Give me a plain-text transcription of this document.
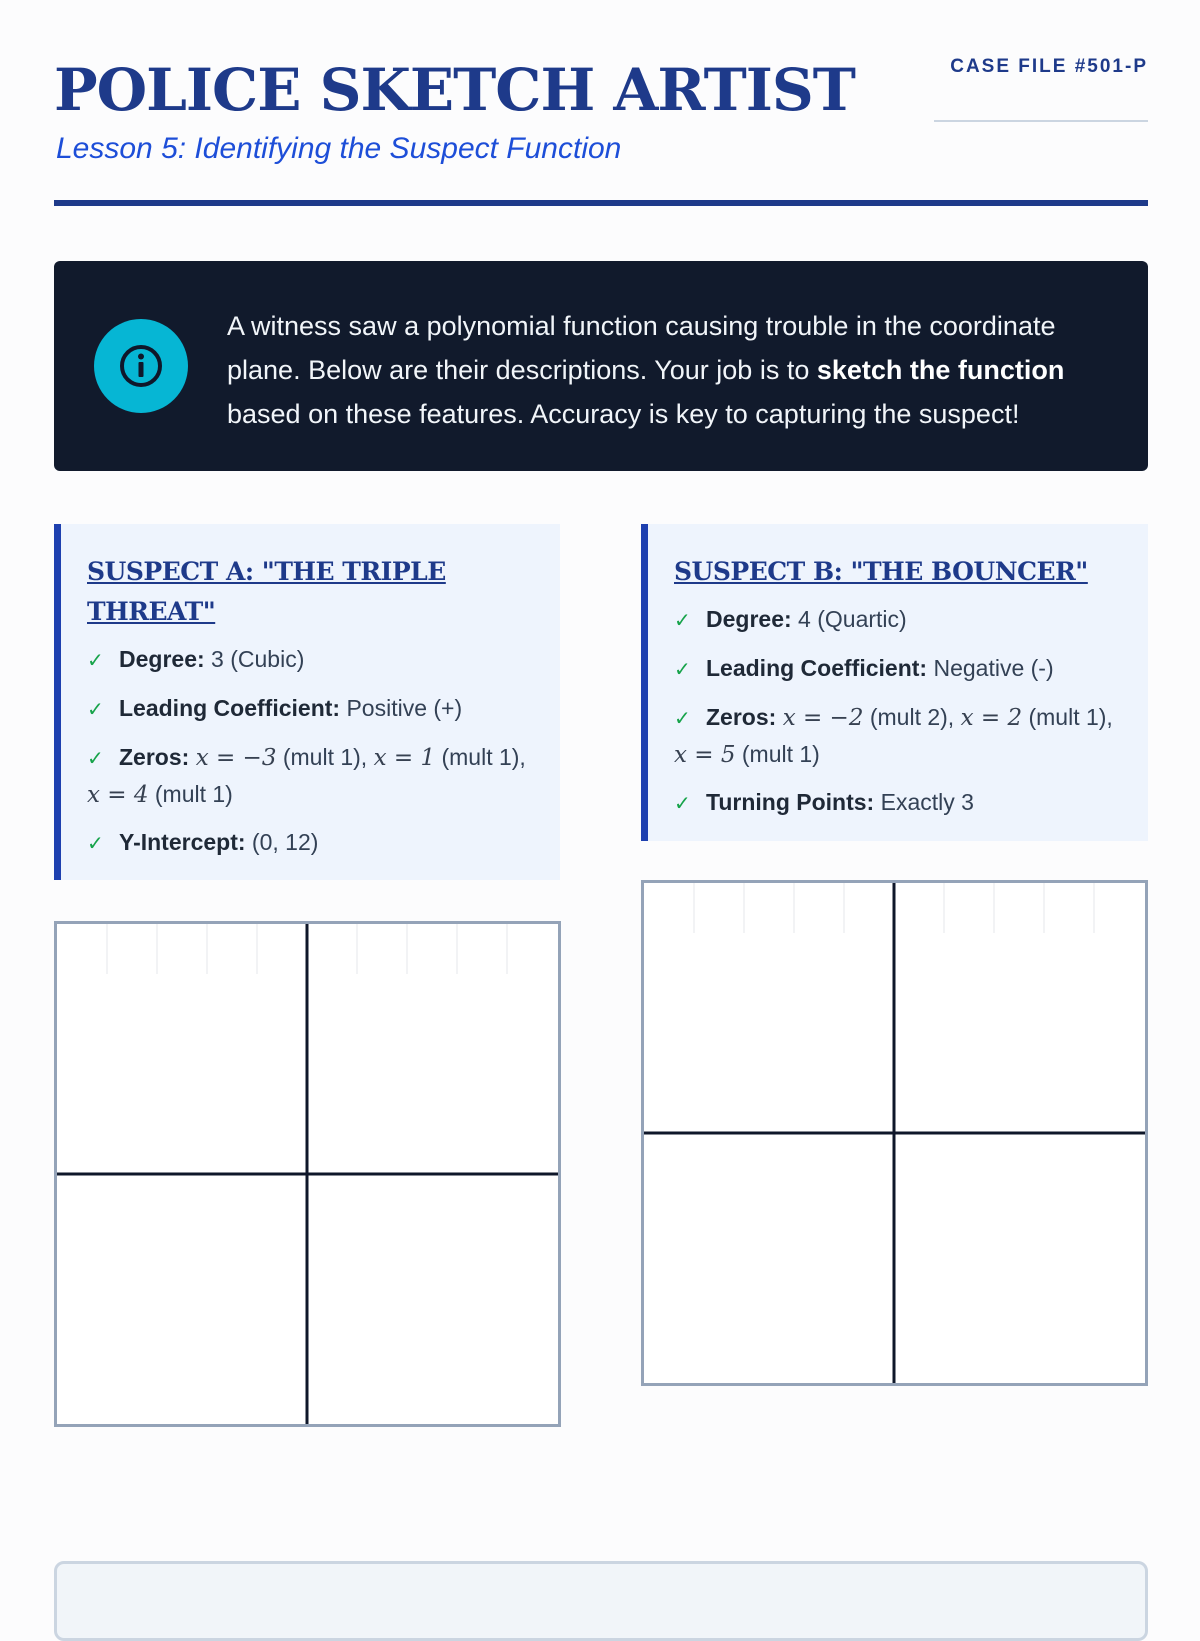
POLICE SKETCH ARTIST

Lesson 5: Identifying the Suspect Function

CASE FILE #501-P

A witness saw a polynomial function causing trouble in the coordinate plane. Below are their descriptions. Your job is to sketch the function based on these features. Accuracy is key to capturing the suspect!

SUSPECT A: "THE TRIPLE THREAT"
✓ Degree: 3 (Cubic)
✓ Leading Coefficient: Positive (+)
✓ Zeros: x = −3 (mult 1), x = 1 (mult 1), x = 4 (mult 1)
✓ Y-Intercept: (0, 12)
SUSPECT B: "THE BOUNCER"
✓ Degree: 4 (Quartic)
✓ Leading Coefficient: Negative (-)
✓ Zeros: x = −2 (mult 2), x = 2 (mult 1), x = 5 (mult 1)
✓ Turning Points: Exactly 3
